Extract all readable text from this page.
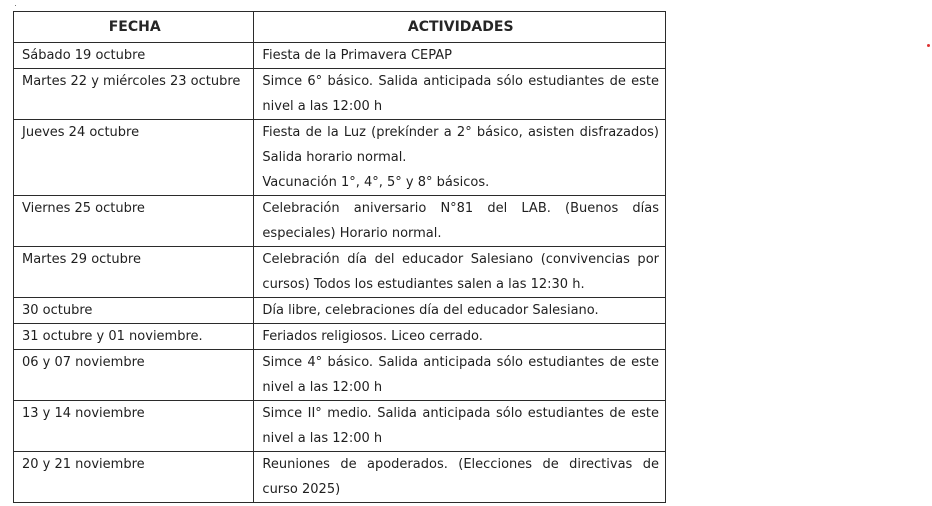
FECHA	ACTIVIDADES
Sábado 19 octubre	Fiesta de la Primavera CEPAP

Martes 22 y miércoles 23 octubre	Simce 6° básico. Salida anticipada sólo estudiantes de este nivel a las 12:00 h

Jueves 24 octubre	Fiesta de la Luz (prekínder a 2° básico, asisten disfrazados) Salida horario normal.
Vacunación 1°, 4°, 5° y 8° básicos.

Viernes 25 octubre	Celebración aniversario N°81 del LAB. (Buenos días especiales) Horario normal.

Martes 29 octubre	Celebración día del educador Salesiano (convivencias por cursos) Todos los estudiantes salen a las 12:30 h.

30 octubre	Día libre, celebraciones día del educador Salesiano.

31 octubre y 01 noviembre.	Feriados religiosos. Liceo cerrado.

06 y 07 noviembre	Simce 4° básico. Salida anticipada sólo estudiantes de este nivel a las 12:00 h

13 y 14 noviembre	Simce II° medio. Salida anticipada sólo estudiantes de este nivel a las 12:00 h

20 y 21 noviembre	Reuniones de apoderados. (Elecciones de directivas de curso 2025)
